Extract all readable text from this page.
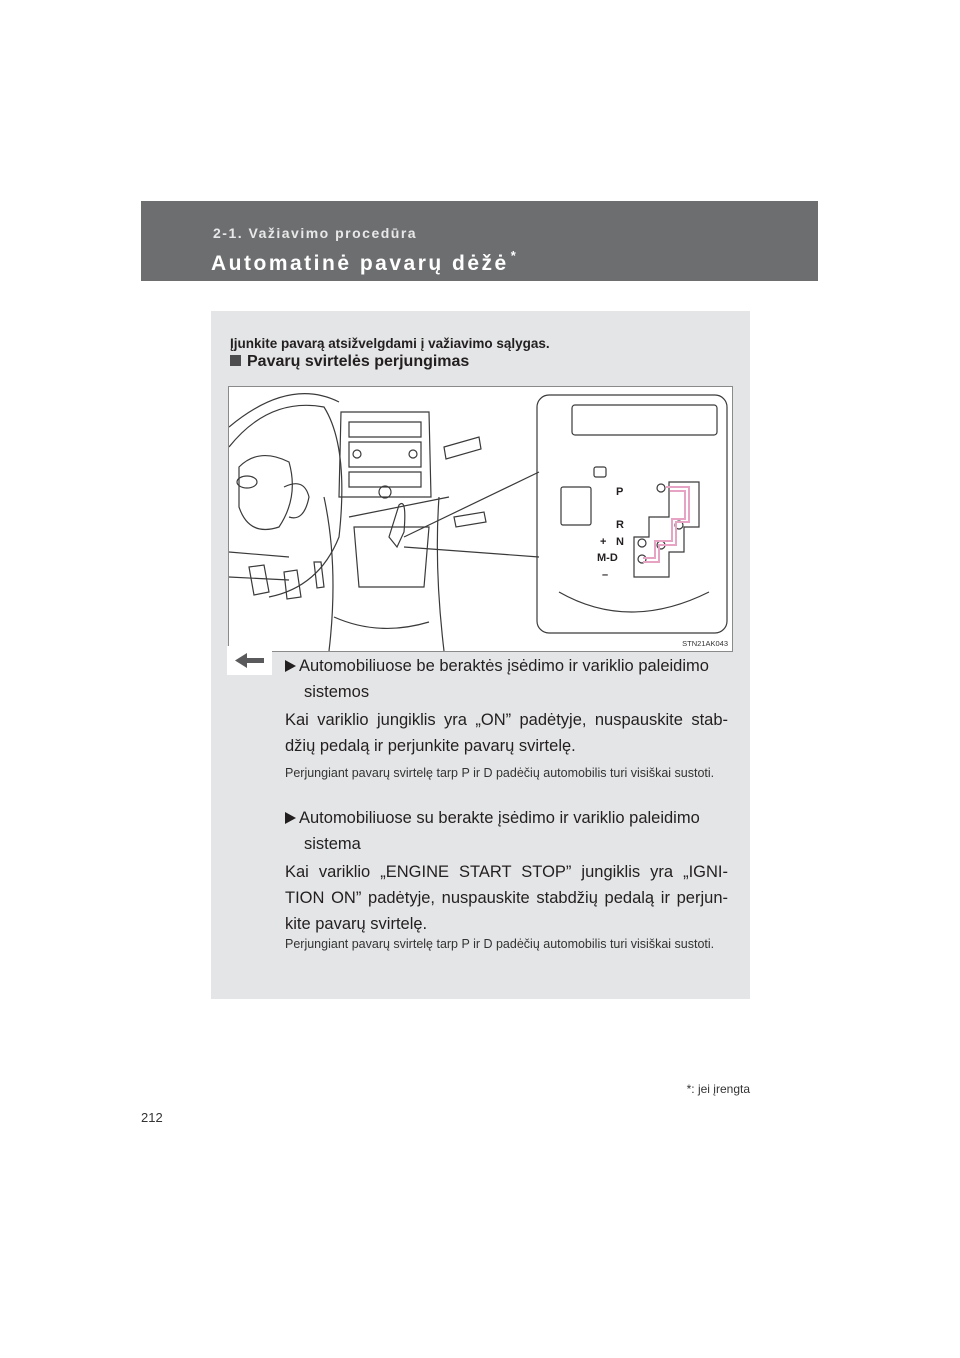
2-1. Važiavimo procedūra
Automatinė pavarų dėžė *
Įjunkite pavarą atsižvelgdami į važiavimo sąlygas.
Pavarų svirtelės perjungimas
P
R
+ N
M-D
–
STN21AK043
Automobiliuose be beraktės įsėdimo ir variklio paleidimo
sistemos
Kai variklio jungiklis yra „ON” padėtyje, nuspauskite stab-džių pedalą ir perjunkite pavarų svirtelę.
Perjungiant pavarų svirtelę tarp P ir D padėčių automobilis turi visiškai sustoti.
Automobiliuose su berakte įsėdimo ir variklio paleidimo
sistema
Kai variklio „ENGINE START STOP” jungiklis yra „IGNI-TION ON” padėtyje, nuspauskite stabdžių pedalą ir perjun-kite pavarų svirtelę.
Perjungiant pavarų svirtelę tarp P ir D padėčių automobilis turi visiškai sustoti.
*: jei įrengta
212
